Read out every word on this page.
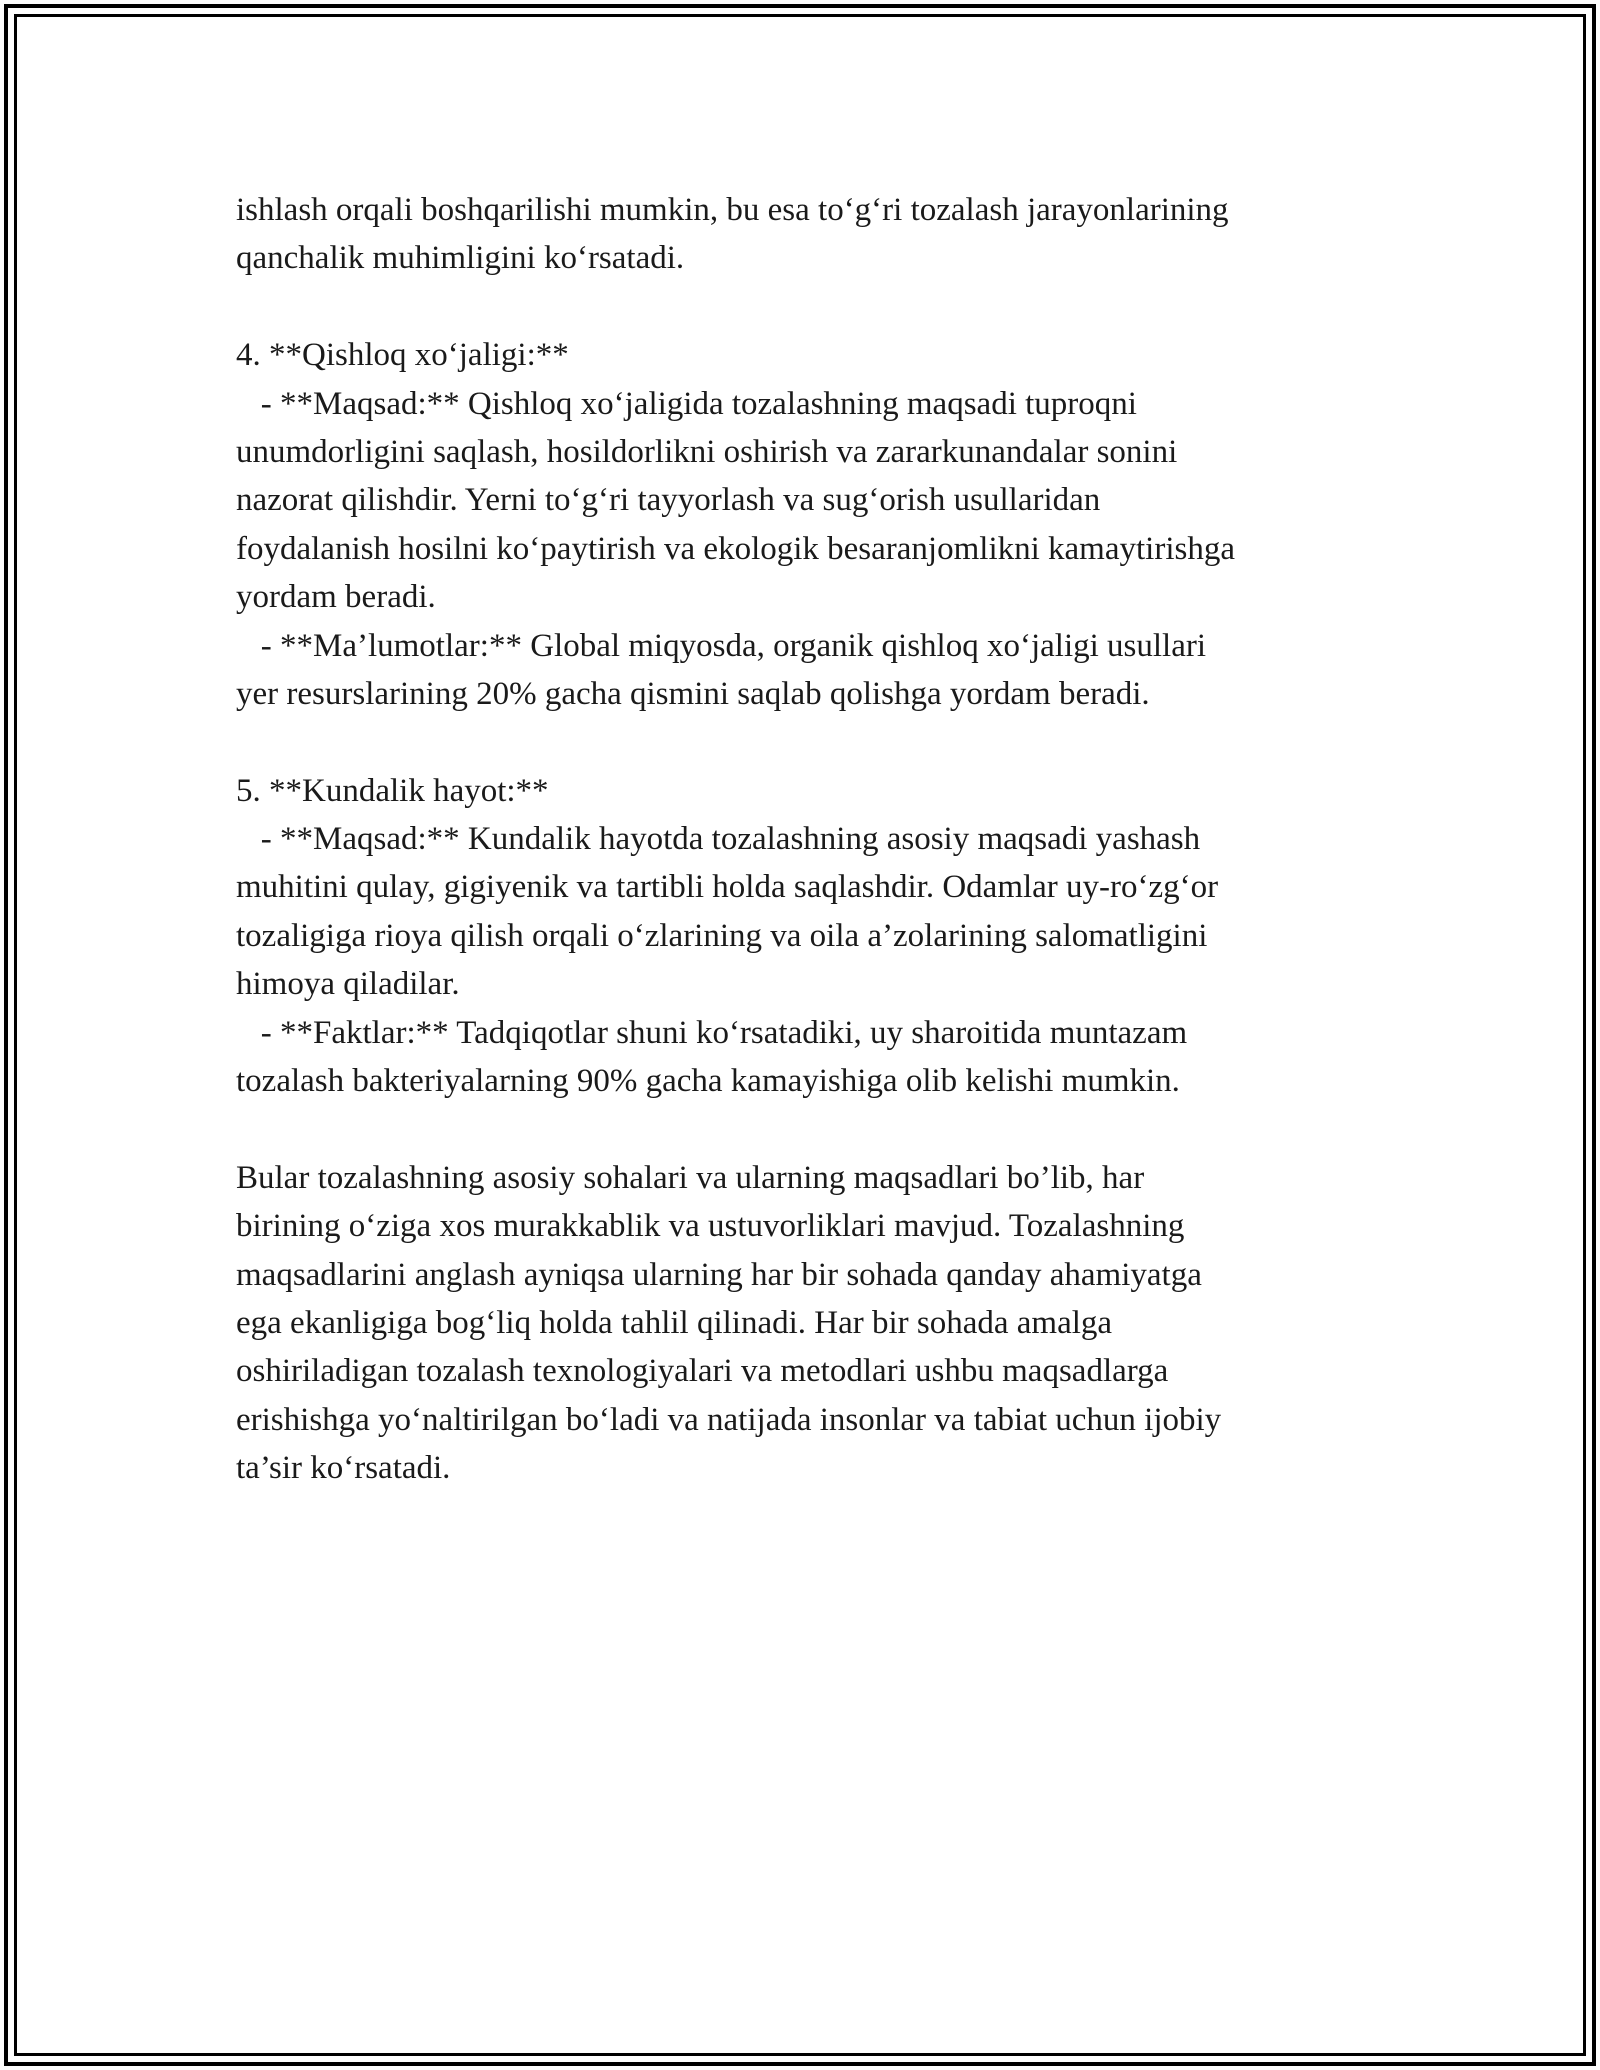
ishlash orqali boshqarilishi mumkin, bu esa to‘g‘ri tozalash jarayonlarining
qanchalik muhimligini ko‘rsatadi.
4. **Qishloq xo‘jaligi:**
- **Maqsad:** Qishloq xo‘jaligida tozalashning maqsadi tuproqni
unumdorligini saqlash, hosildorlikni oshirish va zararkunandalar sonini
nazorat qilishdir. Yerni to‘g‘ri tayyorlash va sug‘orish usullaridan
foydalanish hosilni ko‘paytirish va ekologik besaranjomlikni kamaytirishga
yordam beradi.
- **Ma’lumotlar:** Global miqyosda, organik qishloq xo‘jaligi usullari
yer resurslarining 20% gacha qismini saqlab qolishga yordam beradi.
5. **Kundalik hayot:**
- **Maqsad:** Kundalik hayotda tozalashning asosiy maqsadi yashash
muhitini qulay, gigiyenik va tartibli holda saqlashdir. Odamlar uy-ro‘zg‘or
tozaligiga rioya qilish orqali o‘zlarining va oila a’zolarining salomatligini
himoya qiladilar.
- **Faktlar:** Tadqiqotlar shuni ko‘rsatadiki, uy sharoitida muntazam
tozalash bakteriyalarning 90% gacha kamayishiga olib kelishi mumkin.
Bular tozalashning asosiy sohalari va ularning maqsadlari bo’lib, har
birining o‘ziga xos murakkablik va ustuvorliklari mavjud. Tozalashning
maqsadlarini anglash ayniqsa ularning har bir sohada qanday ahamiyatga
ega ekanligiga bog‘liq holda tahlil qilinadi. Har bir sohada amalga
oshiriladigan tozalash texnologiyalari va metodlari ushbu maqsadlarga
erishishga yo‘naltirilgan bo‘ladi va natijada insonlar va tabiat uchun ijobiy
ta’sir ko‘rsatadi.
